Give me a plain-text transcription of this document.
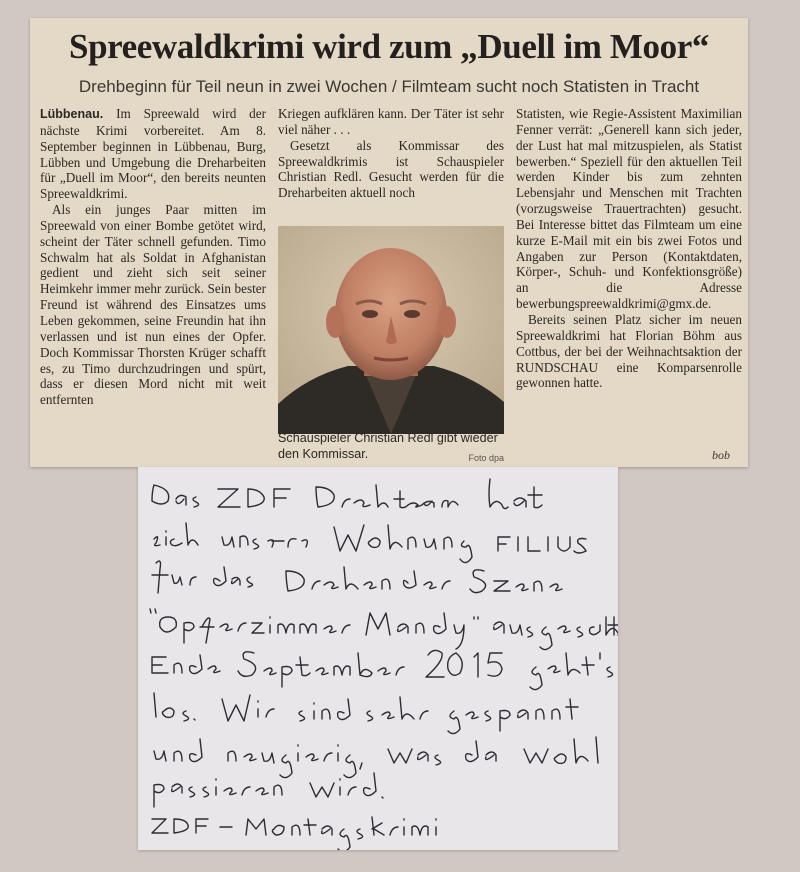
Spreewaldkrimi wird zum „Duell im Moor“
Drehbeginn für Teil neun in zwei Wochen / Filmteam sucht noch Statisten in Tracht

Lübbenau. Im Spreewald wird der nächste Krimi vorbereitet. Am 8. September beginnen in Lübbenau, Burg, Lübben und Umgebung die Dreharbeiten für „Duell im Moor“, den bereits neunten Spreewaldkrimi.

Als ein junges Paar mitten im Spreewald von einer Bombe getötet wird, scheint der Täter schnell gefunden. Timo Schwalm hat als Soldat in Afghanistan gedient und zieht sich seit seiner Heimkehr immer mehr zurück. Sein bester Freund ist während des Einsatzes ums Leben gekommen, seine Freundin hat ihn verlassen und ist nun eines der Opfer. Doch Kommissar Thorsten Krüger schafft es, zu Timo durchzudringen und spürt, dass er diesen Mord nicht mit weit entfernten

Kriegen aufklären kann. Der Täter ist sehr viel näher . . .

Gesetzt als Kommissar des Spreewaldkrimis ist Schauspieler Christian Redl. Gesucht werden für die Dreharbeiten aktuell noch

Statisten, wie Regie-Assistent Maximilian Fenner verrät: „Generell kann sich jeder, der Lust hat mal mitzuspielen, als Statist bewerben.“ Speziell für den aktuellen Teil werden Kinder bis zum zehnten Lebensjahr und Menschen mit Trachten (vorzugsweise Trauertrachten) gesucht. Bei Interesse bittet das Filmteam um eine kurze E-Mail mit ein bis zwei Fotos und Angaben zur Person (Kontaktdaten, Körper-, Schuh- und Konfektionsgröße) an die Adresse bewerbungspreewaldkrimi@gmx.de.

Bereits seinen Platz sicher im neuen Spreewaldkrimi hat Florian Böhm aus Cottbus, der bei der Weihnachtsaktion der RUNDSCHAU eine Komparsenrolle gewonnen hatte.

Schauspieler Christian Redl gibt wieder den Kommissar.	Foto dpa	bob
